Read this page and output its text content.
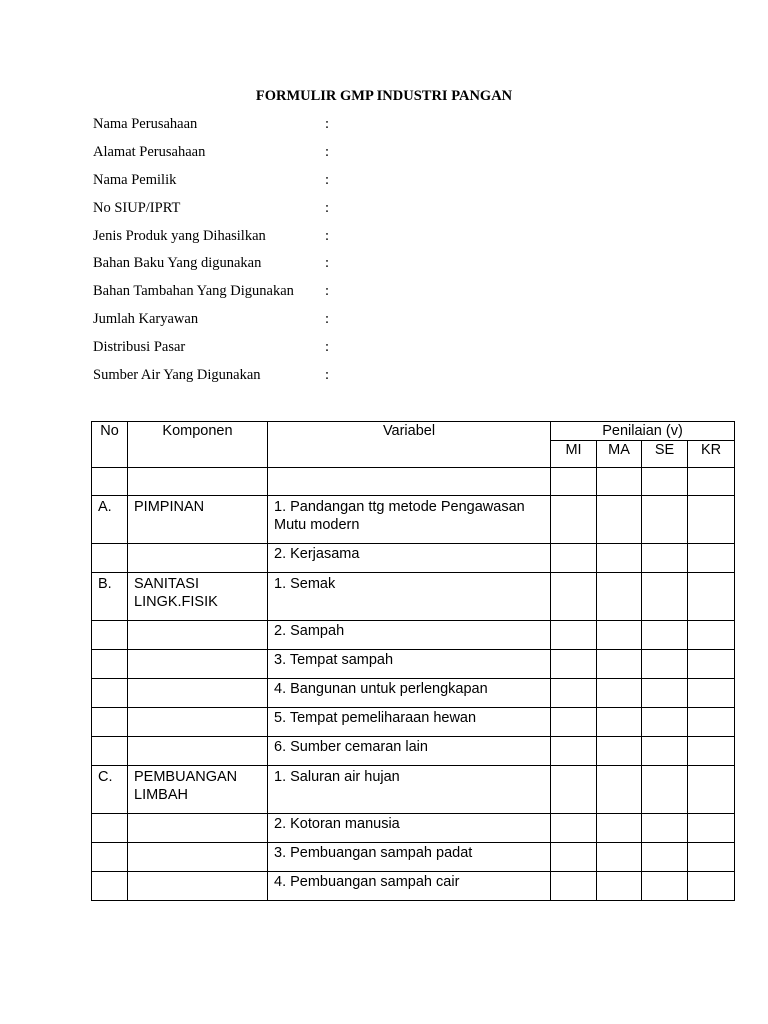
FORMULIR GMP INDUSTRI PANGAN
Nama Perusahaan	:
Alamat Perusahaan	:
Nama Pemilik	:
No SIUP/IPRT	:
Jenis Produk yang Dihasilkan	:
Bahan Baku Yang digunakan	:
Bahan Tambahan Yang Digunakan :
Jumlah Karyawan	:
Distribusi Pasar	:
Sumber Air Yang Digunakan	:
No	Komponen	Variabel	Penilaian (v)			
			MI	MA	SE	KR

A.	PIMPINAN	1. Pandangan ttg metode Pengawasan Mutu modern				
		2. Kerjasama				
B.	SANITASI LINGK.FISIK	1. Semak				
		2. Sampah				
		3. Tempat sampah				
		4. Bangunan untuk perlengkapan				
		5. Tempat pemeliharaan hewan				
		6. Sumber cemaran lain				
C.	PEMBUANGAN LIMBAH	1. Saluran air hujan				
		2. Kotoran manusia				
		3. Pembuangan sampah padat				
		4. Pembuangan sampah cair				
